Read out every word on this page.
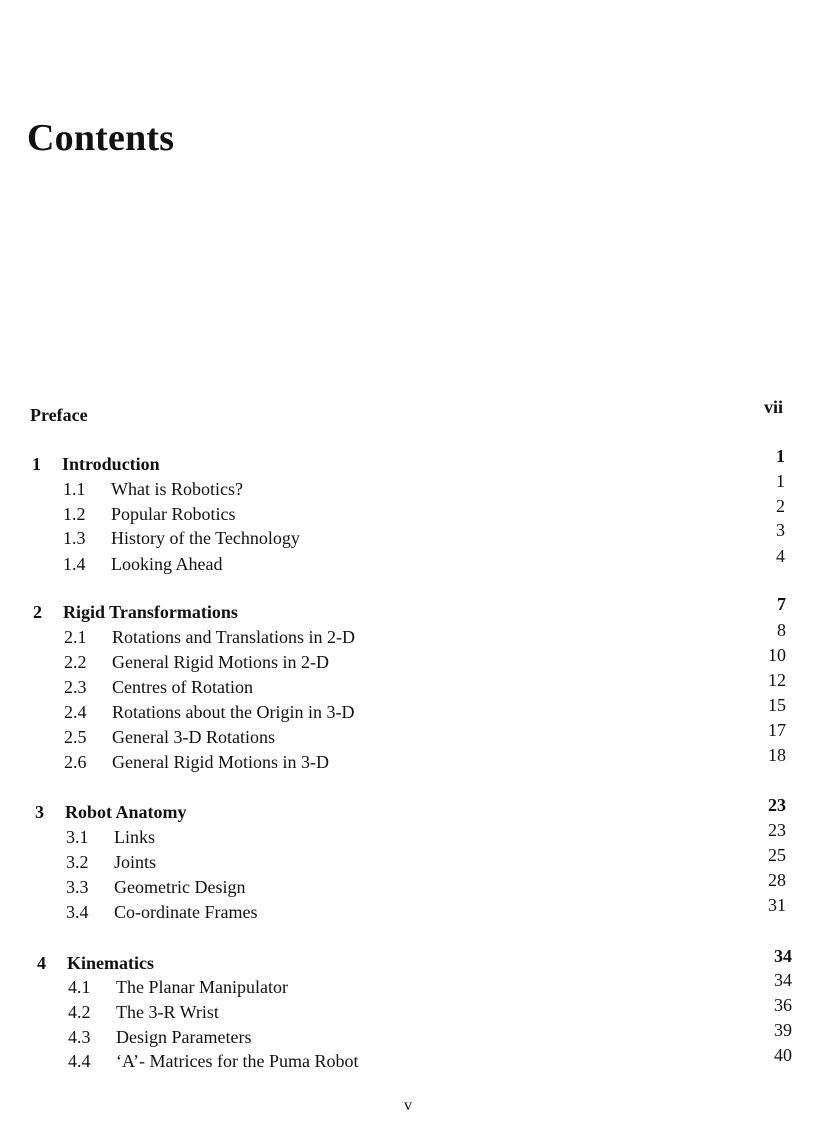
Contents
Preface	vii
1 Introduction	1
1.1 What is Robotics?	1
1.2 Popular Robotics	2
1.3 History of the Technology	3
1.4 Looking Ahead	4
2 Rigid Transformations	7
2.1 Rotations and Translations in 2-D	8
2.2 General Rigid Motions in 2-D	10
2.3 Centres of Rotation	12
2.4 Rotations about the Origin in 3-D	15
2.5 General 3-D Rotations	17
2.6 General Rigid Motions in 3-D	18
3 Robot Anatomy	23
3.1 Links	23
3.2 Joints	25
3.3 Geometric Design	28
3.4 Co-ordinate Frames	31
4 Kinematics	34
4.1 The Planar Manipulator	34
4.2 The 3-R Wrist	36
4.3 Design Parameters	39
4.4 ‘A’- Matrices for the Puma Robot	40
v
